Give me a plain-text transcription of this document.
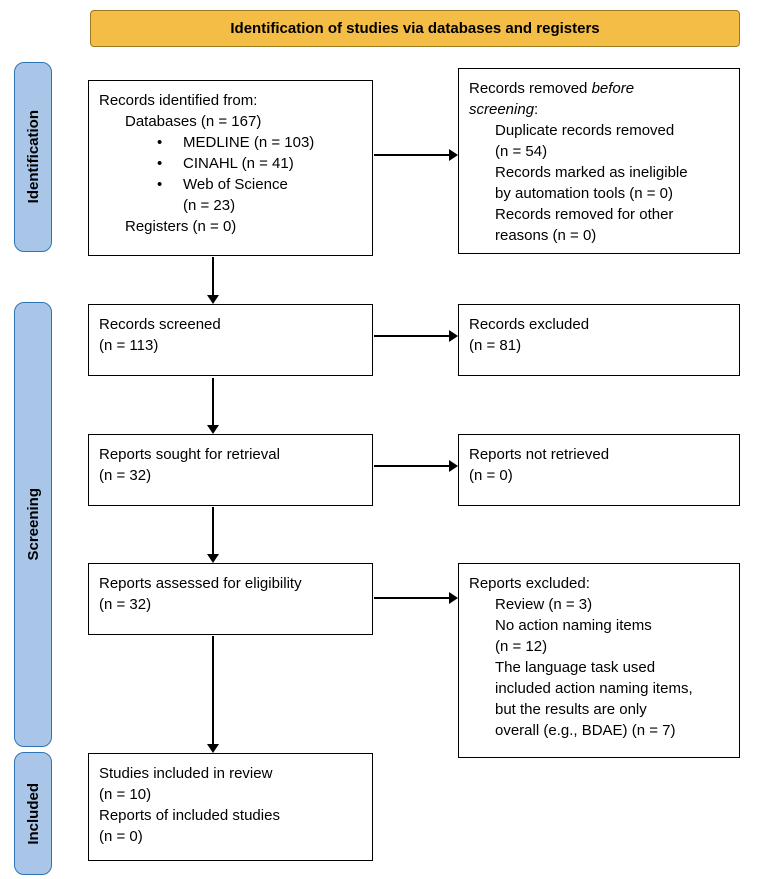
Identification of studies via databases and registers
Identification
Screening
Included
Records identified from:
Databases (n = 167)
• MEDLINE (n = 103)
• CINAHL (n = 41)
• Web of Science
(n = 23)
Registers (n = 0)
Records removed before
screening:
Duplicate records removed
(n = 54)
Records marked as ineligible
by automation tools (n = 0)
Records removed for other
reasons (n = 0)
Records screened
(n = 113)
Records excluded
(n = 81)
Reports sought for retrieval
(n = 32)
Reports not retrieved
(n = 0)
Reports assessed for eligibility
(n = 32)
Reports excluded:
Review (n = 3)
No action naming items
(n = 12)
The language task used
included action naming items,
but the results are only
overall (e.g., BDAE) (n = 7)
Studies included in review
(n = 10)
Reports of included studies
(n = 0)
